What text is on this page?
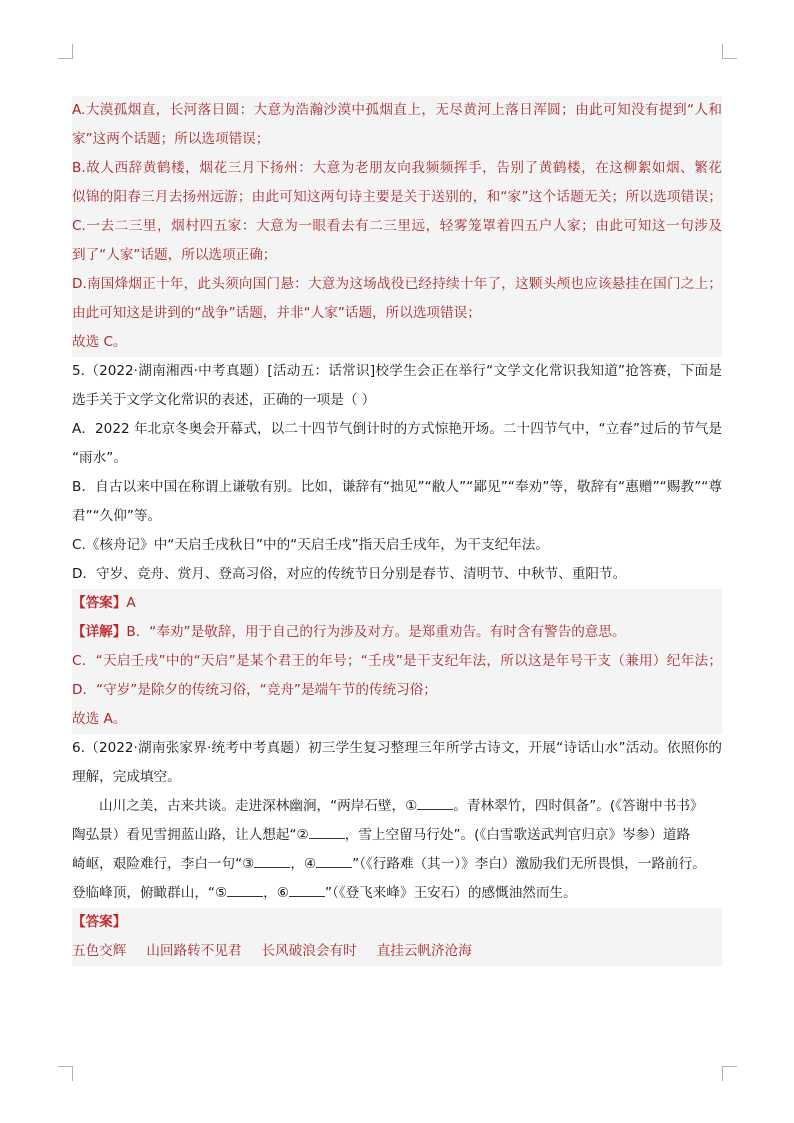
A.大漠孤烟直，长河落日圆：大意为浩瀚沙漠中孤烟直上，无尽黄河上落日浑圆；由此可知没有提到“人和
家”这两个话题；所以选项错误；
B.故人西辞黄鹤楼，烟花三月下扬州：大意为老朋友向我频频挥手，告别了黄鹤楼，在这柳絮如烟、繁花
似锦的阳春三月去扬州远游；由此可知这两句诗主要是关于送别的，和“家”这个话题无关；所以选项错误；
C.一去二三里，烟村四五家：大意为一眼看去有二三里远，轻雾笼罩着四五户人家；由此可知这一句涉及
到了“人家”话题，所以选项正确；
D.南国烽烟正十年，此头须向国门悬：大意为这场战役已经持续十年了，这颗头颅也应该悬挂在国门之上；
由此可知这是讲到的“战争”话题，并非“人家”话题，所以选项错误；
故选 C。
5.（2022·湖南湘西·中考真题）[活动五：话常识]校学生会正在举行“文学文化常识我知道”抢答赛，下面是
选手关于文学文化常识的表述，正确的一项是（ ）
A．2022 年北京冬奥会开幕式，以二十四节气倒计时的方式惊艳开场。二十四节气中，“立春”过后的节气是
“雨水”。
B．自古以来中国在称谓上谦敬有别。比如，谦辞有“拙见”“敝人”“鄙见”“奉劝”等，敬辞有“惠赠”“赐教”“尊
君”“久仰”等。
C.《核舟记》中“天启壬戌秋日”中的“天启壬戌”指天启壬戌年，为干支纪年法。
D．守岁、竞舟、赏月、登高习俗，对应的传统节日分别是春节、清明节、中秋节、重阳节。
【答案】A
【详解】B．“奉劝”是敬辞，用于自己的行为涉及对方。是郑重劝告。有时含有警告的意思。
C．“天启壬戌”中的“天启”是某个君王的年号；“壬戌”是干支纪年法，所以这是年号干支（兼用）纪年法；
D．“守岁”是除夕的传统习俗，“竞舟”是端午节的传统习俗；
故选 A。
6.（2022·湖南张家界·统考中考真题）初三学生复习整理三年所学古诗文，开展“诗话山水”活动。依照你的
理解，完成填空。
山川之美，古来共谈。走进深林幽涧，“两岸石壁，①	。青林翠竹，四时俱备”。(《答谢中书书》
陶弘景）看见雪拥蓝山路，让人想起“②	，雪上空留马行处”。(《白雪歌送武判官归京》岑参）道路
崎岖，艰险难行，李白一句“③	，④	”（《行路难（其一）》李白）激励我们无所畏惧，一路前行。
登临峰顶，俯瞰群山，“⑤	，⑥	”（《登飞来峰》王安石）的感慨油然而生。
【答案】
五色交辉 山回路转不见君 长风破浪会有时 直挂云帆济沧海
